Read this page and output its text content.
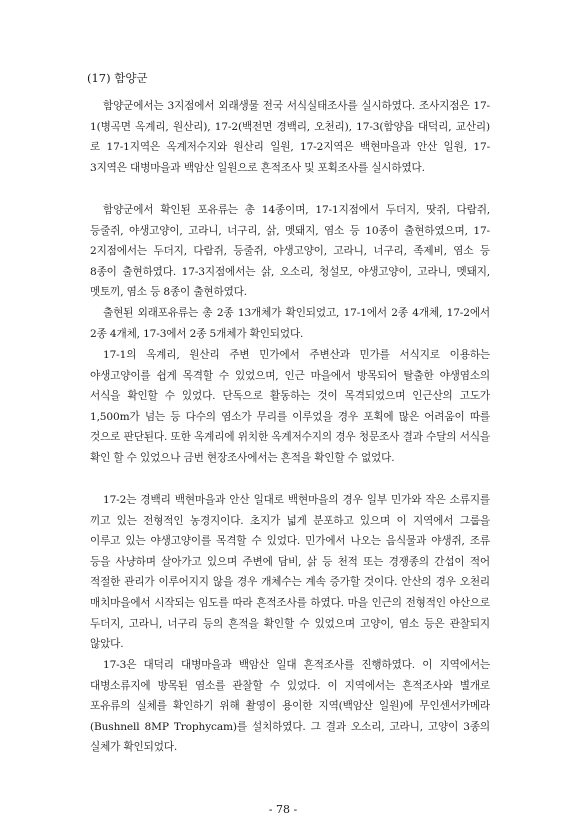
(17) 함양군

함양군에서는 3지점에서 외래생물 전국 서식실태조사를 실시하였다. 조사지점은 17-1(병곡면 옥계리, 원산리), 17-2(백전면 경백리, 오천리), 17-3(함양읍 대덕리, 교산리)로 17-1지역은 옥계저수지와 원산리 일원, 17-2지역은 백현마을과 안산 일원, 17-3지역은 대병마을과 백암산 일원으로 흔적조사 및 포획조사를 실시하였다.

함양군에서 확인된 포유류는 총 14종이며, 17-1지점에서 두더지, 땃쥐, 다람쥐, 등줄쥐, 야생고양이, 고라니, 너구리, 삵, 멧돼지, 염소 등 10종이 출현하였으며, 17-2지점에서는 두더지, 다람쥐, 등줄쥐, 야생고양이, 고라니, 너구리, 족제비, 염소 등 8종이 출현하였다. 17-3지점에서는 삵, 오소리, 청설모, 야생고양이, 고라니, 멧돼지, 멧토끼, 염소 등 8종이 출현하였다.

출현된 외래포유류는 총 2종 13개체가 확인되었고, 17-1에서 2종 4개체, 17-2에서 2종 4개체, 17-3에서 2종 5개체가 확인되었다.

17-1의 옥계리, 원산리 주변 민가에서 주변산과 민가를 서식지로 이용하는 야생고양이를 쉽게 목격할 수 있었으며, 인근 마을에서 방목되어 탈출한 야생염소의 서식을 확인할 수 있었다. 단독으로 활동하는 것이 목격되었으며 인근산의 고도가 1,500m가 넘는 등 다수의 염소가 무리를 이루었을 경우 포획에 많은 어려움이 따를 것으로 판단된다. 또한 옥계리에 위치한 옥계저수지의 경우 청문조사 결과 수달의 서식을 확인 할 수 있었으나 금번 현장조사에서는 흔적을 확인할 수 없었다.

17-2는 경백리 백현마을과 안산 일대로 백현마을의 경우 일부 민가와 작은 소류지를 끼고 있는 전형적인 농경지이다. 초지가 넓게 분포하고 있으며 이 지역에서 그룹을 이루고 있는 야생고양이를 목격할 수 있었다. 민가에서 나오는 음식물과 야생쥐, 조류 등을 사냥하며 살아가고 있으며 주변에 담비, 삵 등 천적 또는 경쟁종의 간섭이 적어 적절한 관리가 이루어지지 않을 경우 개체수는 계속 증가할 것이다. 안산의 경우 오천리 매치마을에서 시작되는 임도를 따라 흔적조사를 하였다. 마을 인근의 전형적인 야산으로 두더지, 고라니, 너구리 등의 흔적을 확인할 수 있었으며 고양이, 염소 등은 관찰되지 않았다.

17-3은 대덕리 대병마을과 백암산 일대 흔적조사를 진행하였다. 이 지역에서는 대병소류지에 방목된 염소를 관찰할 수 있었다. 이 지역에서는 흔적조사와 별개로 포유류의 실체를 확인하기 위해 촬영이 용이한 지역(백암산 일원)에 무인센서카메라(Bushnell 8MP Trophycam)를 설치하였다. 그 결과 오소리, 고라니, 고양이 3종의 실체가 확인되었다.

- 78 -
